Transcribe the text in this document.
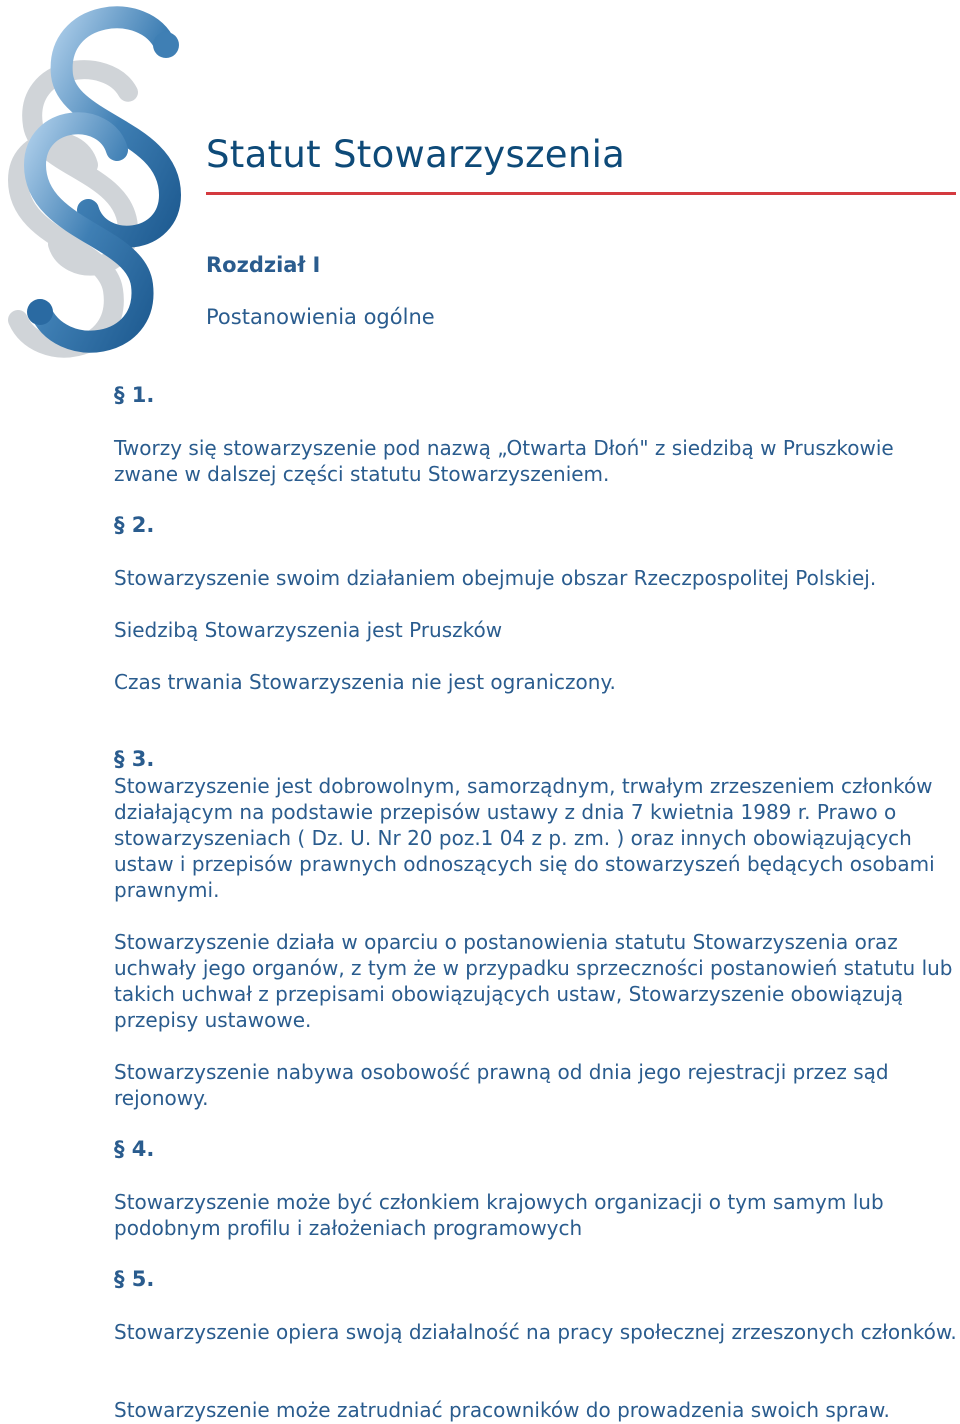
Statut Stowarzyszenia
Rozdział I

Postanowienia ogólne

§ 1.

Tworzy się stowarzyszenie pod nazwą „Otwarta Dłoń" z siedzibą w Pruszkowie zwane w dalszej części statutu Stowarzyszeniem.

§ 2.

Stowarzyszenie swoim działaniem obejmuje obszar Rzeczpospolitej Polskiej.

Siedzibą Stowarzyszenia jest Pruszków

Czas trwania Stowarzyszenia nie jest ograniczony.

§ 3.

Stowarzyszenie jest dobrowolnym, samorządnym, trwałym zrzeszeniem członków działającym na podstawie przepisów ustawy z dnia 7 kwietnia 1989 r. Prawo o stowarzyszeniach ( Dz. U. Nr 20 poz.1 04 z p. zm. ) oraz innych obowiązujących ustaw i przepisów prawnych odnoszących się do stowarzyszeń będących osobami prawnymi.

Stowarzyszenie działa w oparciu o postanowienia statutu Stowarzyszenia oraz uchwały jego organów, z tym że w przypadku sprzeczności postanowień statutu lub takich uchwał z przepisami obowiązujących ustaw, Stowarzyszenie obowiązują przepisy ustawowe.

Stowarzyszenie nabywa osobowość prawną od dnia jego rejestracji przez sąd rejonowy.

§ 4.

Stowarzyszenie może być członkiem krajowych organizacji o tym samym lub podobnym profilu i założeniach programowych

§ 5.

Stowarzyszenie opiera swoją działalność na pracy społecznej zrzeszonych członków.

Stowarzyszenie może zatrudniać pracowników do prowadzenia swoich spraw.
